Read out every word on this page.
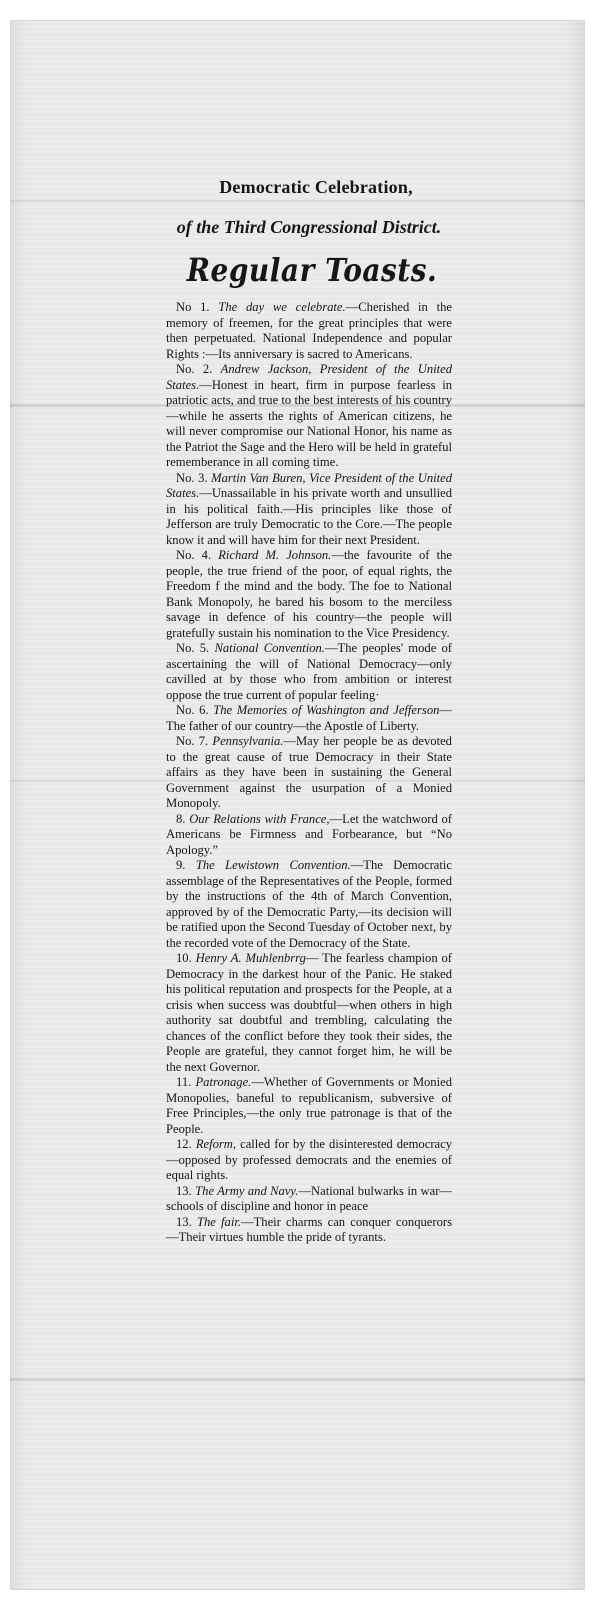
Democratic Celebration,
of the Third Congressional District.
Regular Toasts.

No 1. The day we celebrate.—Cherished in the memory of freemen, for the great principles that were then perpetuated. National Independence and popular Rights :—Its anniversary is sacred to Americans.

No. 2. Andrew Jackson, President of the United States.—Honest in heart, firm in purpose fearless in patriotic acts, and true to the best interests of his country—while he asserts the rights of American citizens, he will never compromise our National Honor, his name as the Patriot the Sage and the Hero will be held in grateful rememberance in all coming time.

No. 3. Martin Van Buren, Vice President of the United States.—Unassailable in his private worth and unsullied in his political faith.—His principles like those of Jefferson are truly Democratic to the Core.—The people know it and will have him for their next President.

No. 4. Richard M. Johnson.—the favourite of the people, the true friend of the poor, of equal rights, the Freedom f the mind and the body. The foe to National Bank Monopoly, he bared his bosom to the merciless savage in defence of his country—the people will gratefully sustain his nomination to the Vice Presidency.

No. 5. National Convention.—The peoples' mode of ascertaining the will of National Democracy—only cavilled at by those who from ambition or interest oppose the true current of popular feeling·

No. 6. The Memories of Washington and Jefferson—The father of our country—the Apostle of Liberty.

No. 7. Pennsylvania.—May her people be as devoted to the great cause of true Democracy in their State affairs as they have been in sustaining the General Government against the usurpation of a Monied Monopoly.

8. Our Relations with France,—Let the watchword of Americans be Firmness and Forbearance, but “No Apology.”

9. The Lewistown Convention.—The Democratic assemblage of the Representatives of the People, formed by the instructions of the 4th of March Convention, approved by of the Democratic Party,—its decision will be ratified upon the Second Tuesday of October next, by the recorded vote of the Democracy of the State.

10. Henry A. Muhlenbrrg— The fearless champion of Democracy in the darkest hour of the Panic. He staked his political reputation and prospects for the People, at a crisis when success was doubtful—when others in high authority sat doubtful and trembling, calculating the chances of the conflict before they took their sides, the People are grateful, they cannot forget him, he will be the next Governor.

11. Patronage.—Whether of Governments or Monied Monopolies, baneful to republicanism, subversive of Free Principles,—the only true patronage is that of the People.

12. Reform, called for by the disinterested democracy—opposed by professed democrats and the enemies of equal rights.

13. The Army and Navy.—National bulwarks in war—schools of discipline and honor in peace

13. The fair.—Their charms can conquer conquerors—Their virtues humble the pride of tyrants.
